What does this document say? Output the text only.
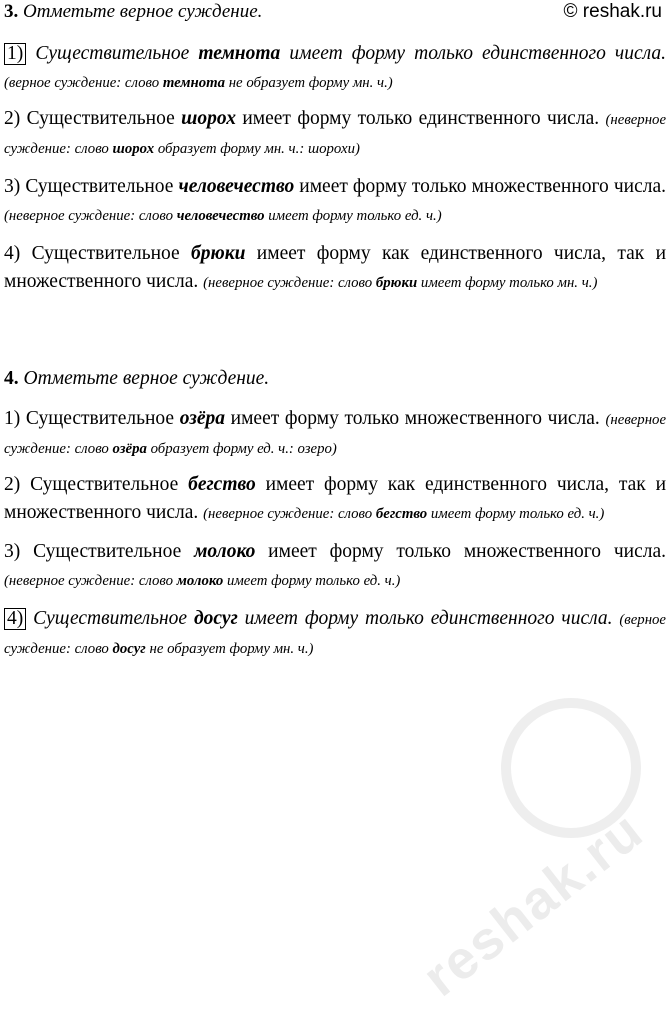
3. Отметьте верное суждение.	© reshak.ru

1) Существительное темнота имеет форму только единственного числа. (верное суждение: слово темнота не образует форму мн. ч.)

2) Существительное шорох имеет форму только единственного числа. (неверное суждение: слово шорох образует форму мн. ч.: шорохи)

3) Существительное человечество имеет форму только множественного числа. (неверное суждение: слово человечество имеет форму только ед. ч.)

4) Существительное брюки имеет форму как единственного числа, так и множественного числа. (неверное суждение: слово брюки имеет форму только мн. ч.)

4. Отметьте верное суждение.

1) Существительное озёра имеет форму только множественного числа. (неверное суждение: слово озёра образует форму ед. ч.: озеро)

2) Существительное бегство имеет форму как единственного числа, так и множественного числа. (неверное суждение: слово бегство имеет форму только ед. ч.)

3) Существительное молоко имеет форму только множественного числа. (неверное суждение: слово молоко имеет форму только ед. ч.)

4) Существительное досуг имеет форму только единственного числа. (верное суждение: слово досуг не образует форму мн. ч.)

reshak.ru
